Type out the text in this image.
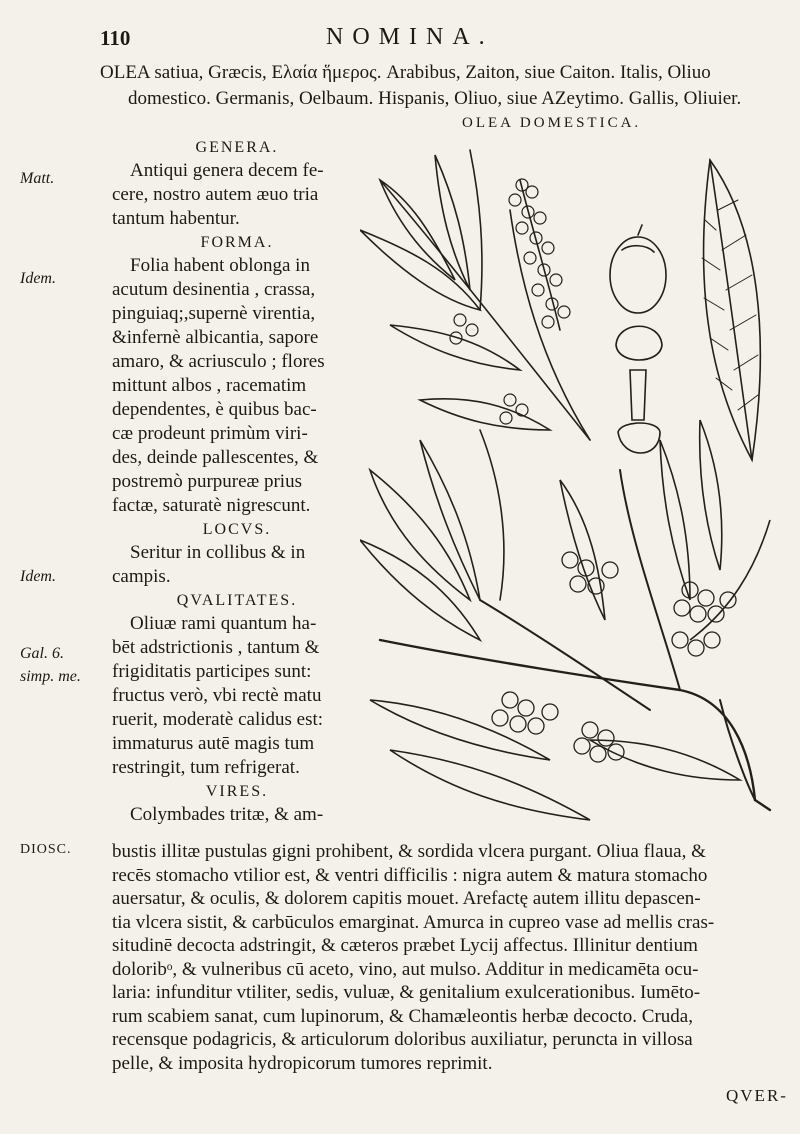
110	NOMINA.
OLEA satiua, Græcis, Ελαία ἥμερος. Arabibus, Zaiton, siue Caiton. Italis, Oliuo
domestico. Germanis, Oelbaum. Hispanis, Oliuo, siue AZeytimo. Gallis, Oliuier.
OLEA DOMESTICA.
Matt.
Idem.
Idem.
Gal. 6.
simp. me.
DIOSC.
GENERA.
Antiqui genera decem fe-
cere, nostro autem æuo tria
tantum habentur.
FORMA.
Folia habent oblonga in
acutum desinentia , crassa,
pinguiaq;,supernè virentia,
&infernè albicantia, sapore
amaro, & acriusculo ; flores
mittunt albos , racematim
dependentes, è quibus bac-
cæ prodeunt primùm viri-
des, deinde pallescentes, &
postremò purpureæ prius
factæ, saturatè nigrescunt.
LOCVS.
Seritur in collibus & in
campis.
QVALITATES.
Oliuæ rami quantum ha-
bēt adstrictionis , tantum &
frigiditatis participes sunt:
fructus verò, vbi rectè matu
ruerit, moderatè calidus est:
immaturus autē magis tum
restringit, tum refrigerat.
VIRES.
Colymbades tritæ, & am-
bustis illitæ pustulas gigni prohibent, & sordida vlcera purgant. Oliua flaua, &
recēs stomacho vtilior est, & ventri difficilis : nigra autem & matura stomacho
auersatur, & oculis, & dolorem capitis mouet. Arefactę autem illitu depascen-
tia vlcera sistit, & carbūculos emarginat. Amurca in cupreo vase ad mellis cras-
situdinē decocta adstringit, & cæteros præbet Lycij affectus. Illinitur dentium
doloribᵒ, & vulneribus cū aceto, vino, aut mulso. Additur in medicamēta ocu-
laria: infunditur vtiliter, sedis, vuluæ, & genitalium exulcerationibus. Iumēto-
rum scabiem sanat, cum lupinorum, & Chamæleontis herbæ decocto. Cruda,
recensque podagricis, & articulorum doloribus auxiliatur, peruncta in villosa
pelle, & imposita hydropicorum tumores reprimit.
QVER-
